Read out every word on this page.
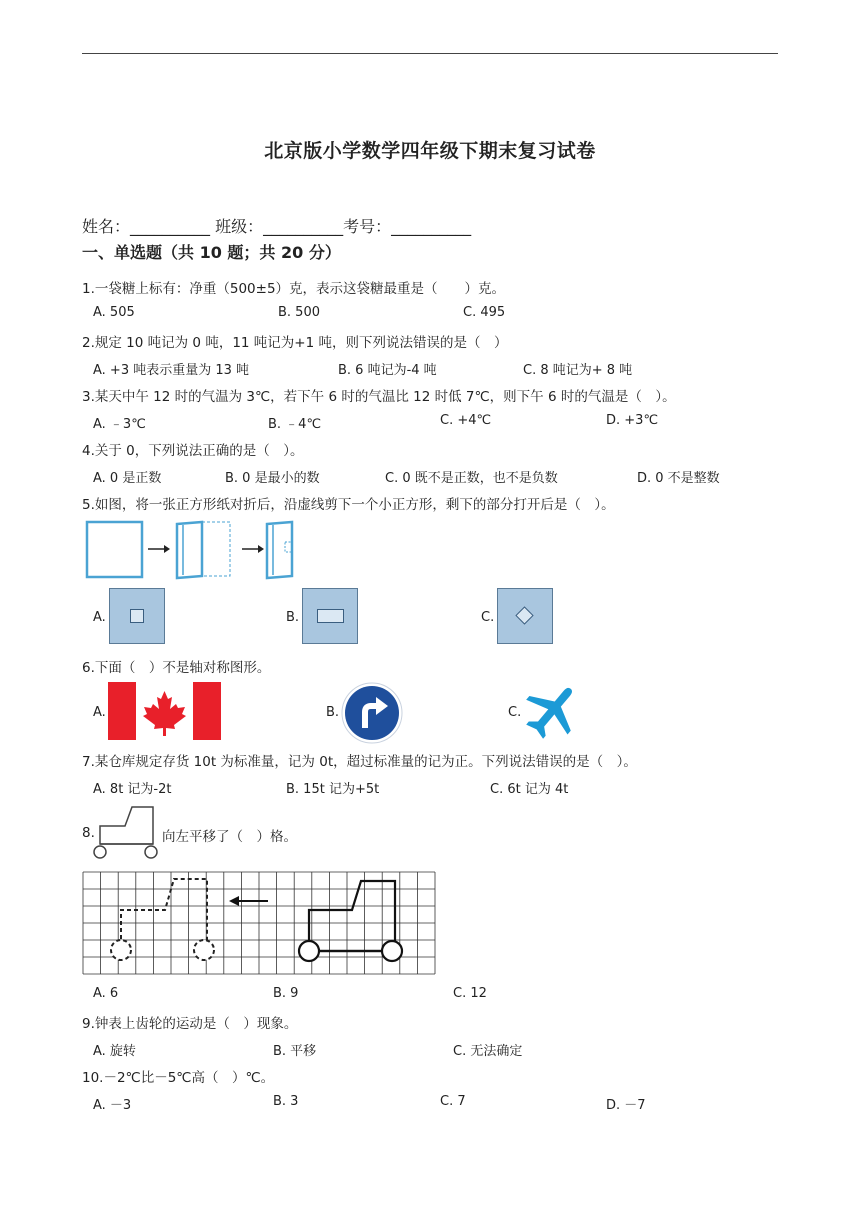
北京版小学数学四年级下期末复习试卷
姓名：__________ 班级：__________考号：__________
一、单选题（共 10 题；共 20 分）
1.一袋糖上标有：净重（500±5）克，表示这袋糖最重是（　　）克。
A. 505	B. 500	C. 495
2.规定 10 吨记为 0 吨，11 吨记为+1 吨，则下列说法错误的是（　）
A. +3 吨表示重量为 13 吨	B. 6 吨记为-4 吨	C. 8 吨记为+ 8 吨
3.某天中午 12 时的气温为 3℃，若下午 6 时的气温比 12 时低 7℃，则下午 6 时的气温是（　）。
A. ﹣3℃	B. ﹣4℃	C. +4℃	D. +3℃
4.关于 0，下列说法正确的是（　）。
A. 0 是正数	B. 0 是最小的数	C. 0 既不是正数，也不是负数	D. 0 不是整数
5.如图，将一张正方形纸对折后，沿虚线剪下一个小正方形，剩下的部分打开后是（　）。
A.	B.	C.
6.下面（　）不是轴对称图形。
A.	B.	C.
7.某仓库规定存货 10t 为标准量，记为 0t，超过标准量的记为正。下列说法错误的是（　）。
A. 8t 记为-2t	B. 15t 记为+5t	C. 6t 记为 4t
8.	向左平移了（　）格。
A. 6	B. 9	C. 12
9.钟表上齿轮的运动是（　）现象。
A. 旋转	B. 平移	C. 无法确定
10.－2℃比－5℃高（　）℃。
A. －3	B. 3	C. 7	D. －7
